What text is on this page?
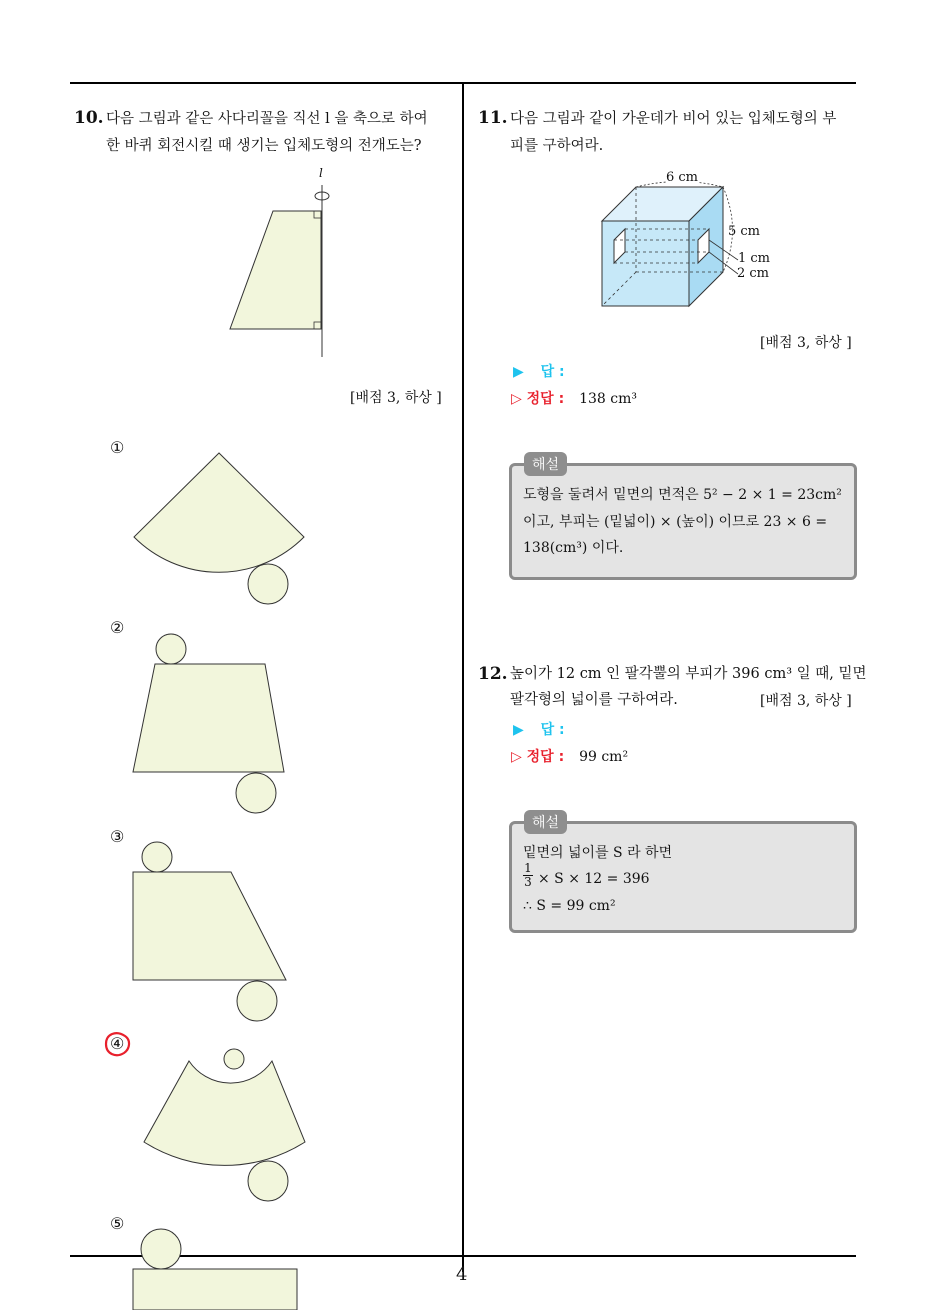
4
10. 다음 그림과 같은 사다리꼴을 직선 l 을 축으로 하여
한 바퀴 회전시킬 때 생기는 입체도형의 전개도는?
l
[배점 3, 하상 ]
①
②
③
④
⑤
11. 다음 그림과 같이 가운데가 비어 있는 입체도형의 부
피를 구하여라.
6 cm
5 cm
1 cm
2 cm
[배점 3, 하상 ]
▶ 답 :
▷ 정답 : 138 cm³
해설
도형을 둘려서 밑면의 면적은 5² − 2 × 1 = 23cm²
이고, 부피는 (밑넓이) × (높이) 이므로 23 × 6 =
138(cm³) 이다.
12. 높이가 12 cm 인 팔각뿔의 부피가 396 cm³ 일 때, 밑면
팔각형의 넓이를 구하여라.	[배점 3, 하상 ]
▶ 답 :
▷ 정답 : 99 cm²
해설
밑면의 넓이를 S 라 하면
$\frac{1}{3} \times S \times 12 = 396$
∴ S = 99 cm²
